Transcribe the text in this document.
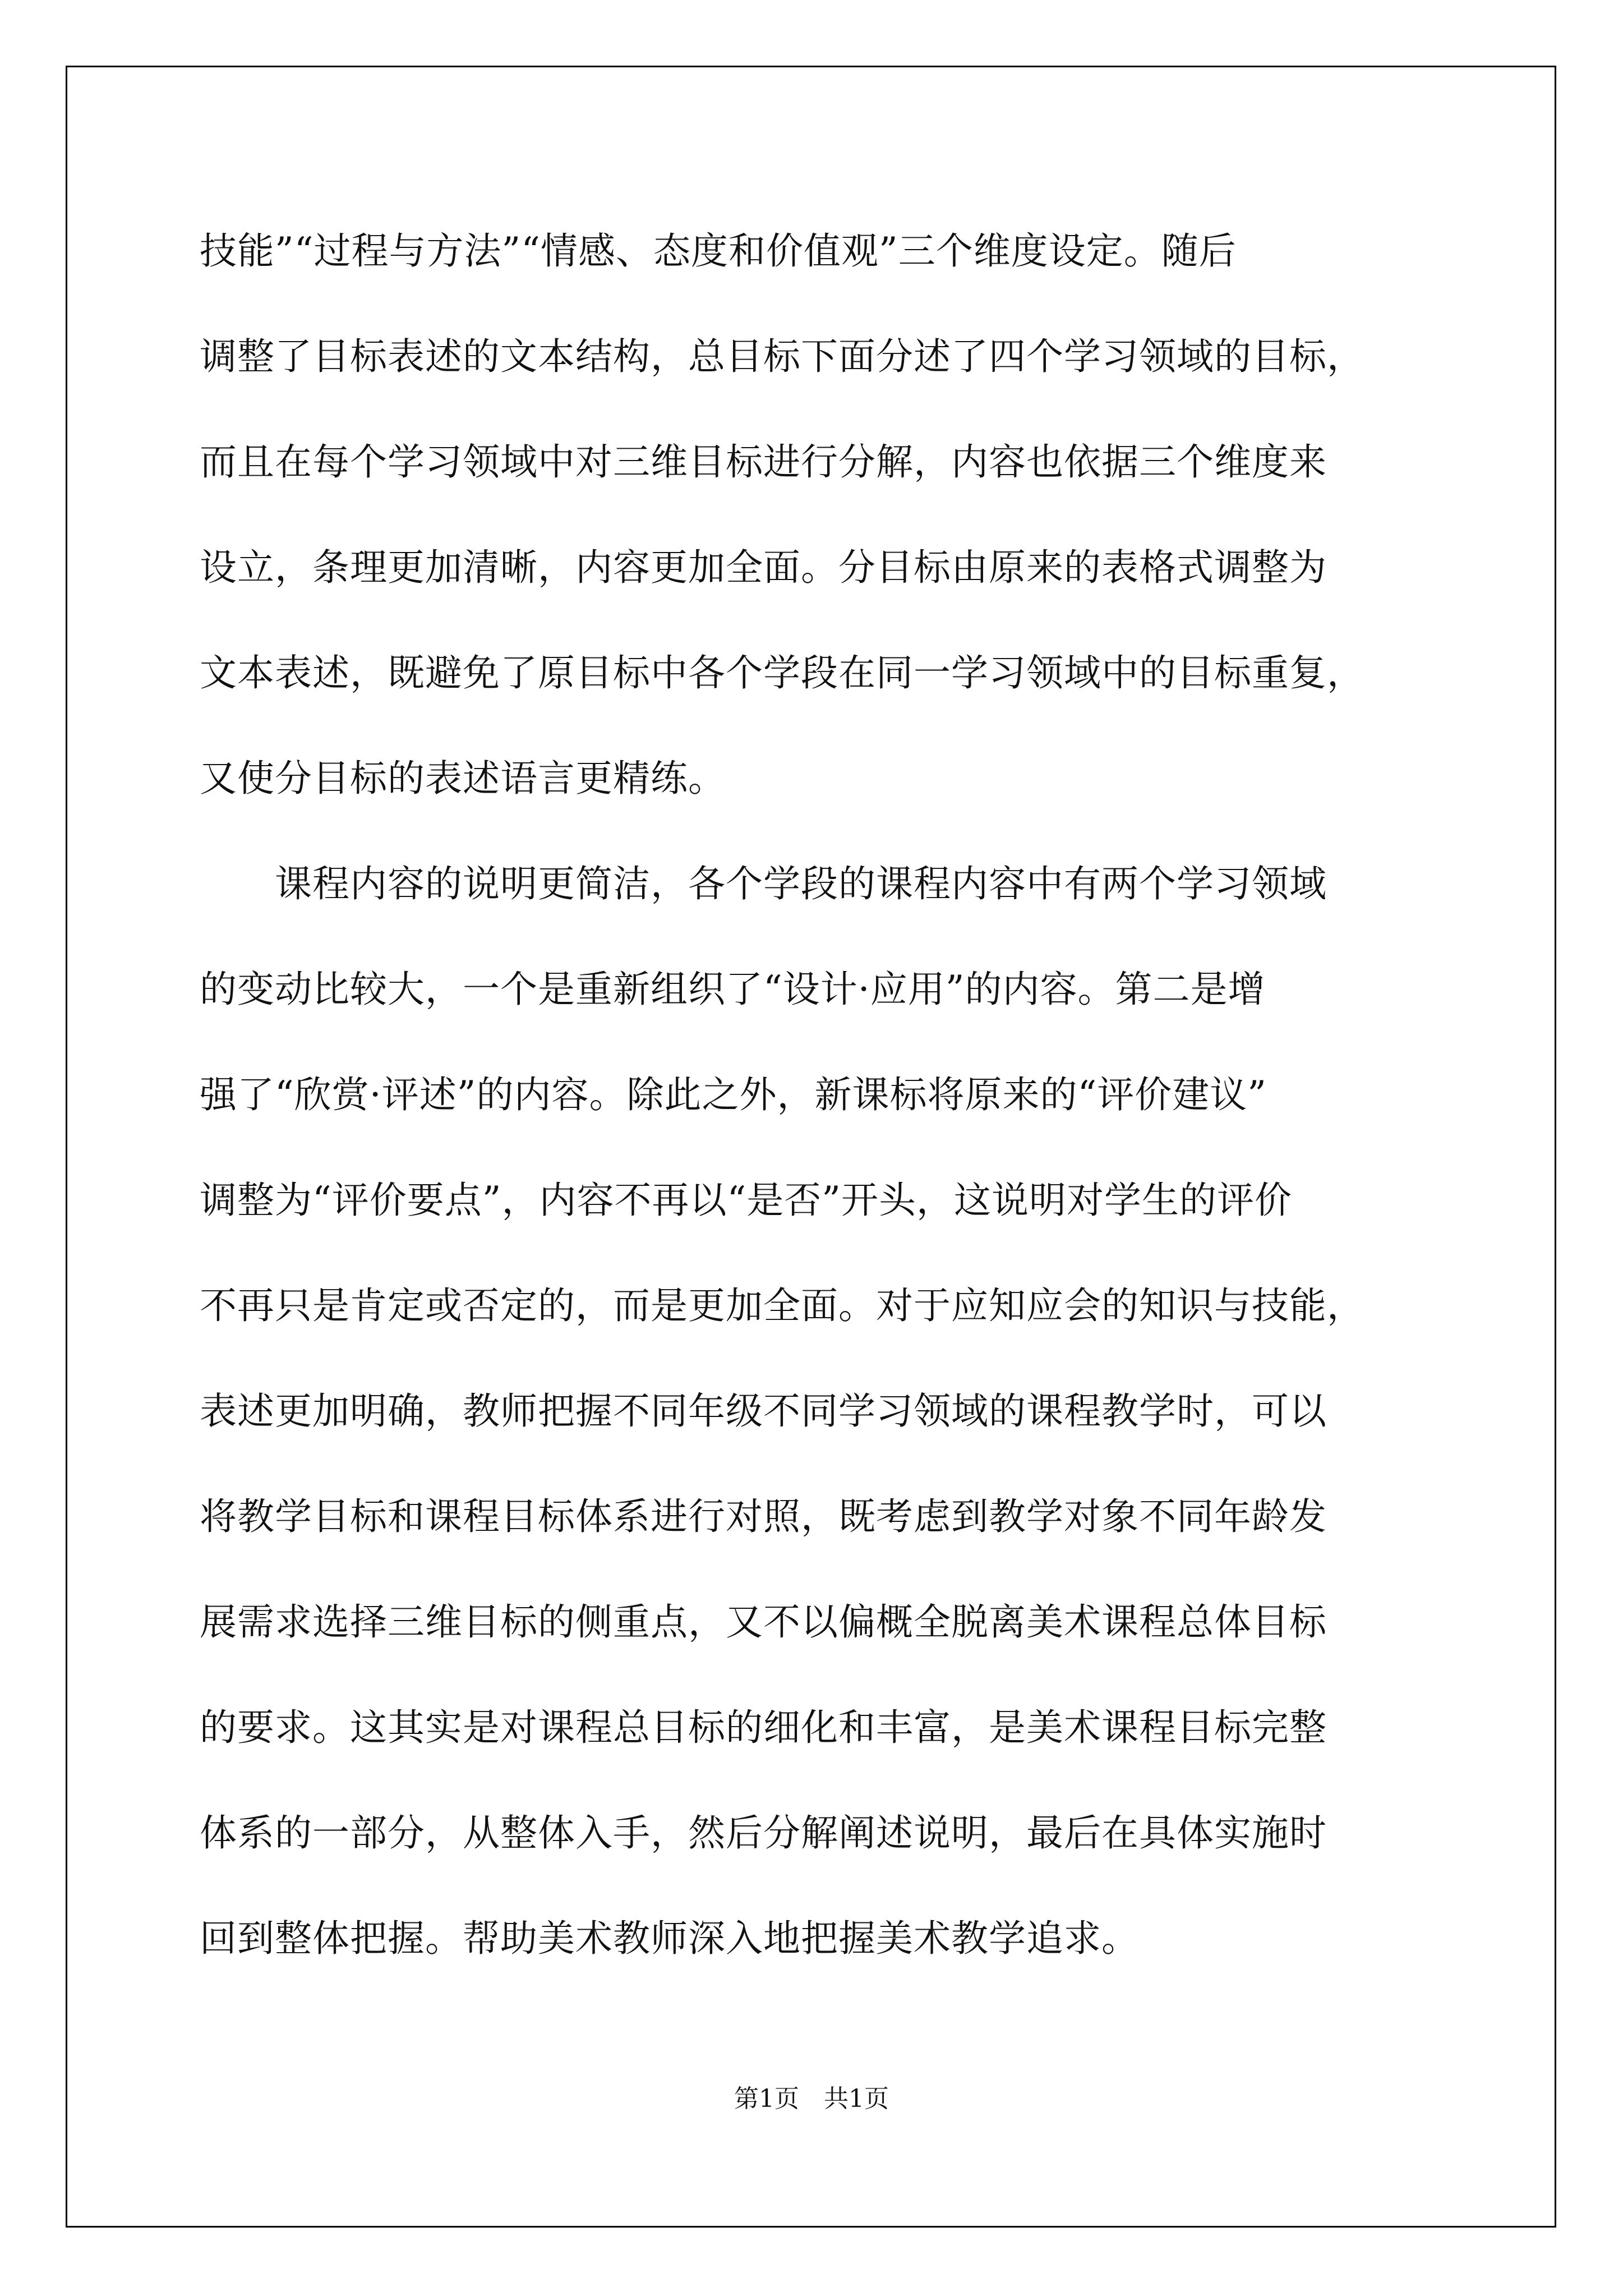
技能”“过程与方法”“情感、态度和价值观”三个维度设定。随后
调整了目标表述的文本结构，总目标下面分述了四个学习领域的目标，
而且在每个学习领域中对三维目标进行分解，内容也依据三个维度来
设立，条理更加清晰，内容更加全面。分目标由原来的表格式调整为
文本表述，既避免了原目标中各个学段在同一学习领域中的目标重复，
又使分目标的表述语言更精练。
　　课程内容的说明更简洁，各个学段的课程内容中有两个学习领域
的变动比较大，一个是重新组织了“设计·应用”的内容。第二是增
强了“欣赏·评述”的内容。除此之外，新课标将原来的“评价建议”
调整为“评价要点”，内容不再以“是否”开头，这说明对学生的评价
不再只是肯定或否定的，而是更加全面。对于应知应会的知识与技能，
表述更加明确，教师把握不同年级不同学习领域的课程教学时，可以
将教学目标和课程目标体系进行对照，既考虑到教学对象不同年龄发
展需求选择三维目标的侧重点，又不以偏概全脱离美术课程总体目标
的要求。这其实是对课程总目标的细化和丰富，是美术课程目标完整
体系的一部分，从整体入手，然后分解阐述说明，最后在具体实施时
回到整体把握。帮助美术教师深入地把握美术教学追求。
第1页　共1页
